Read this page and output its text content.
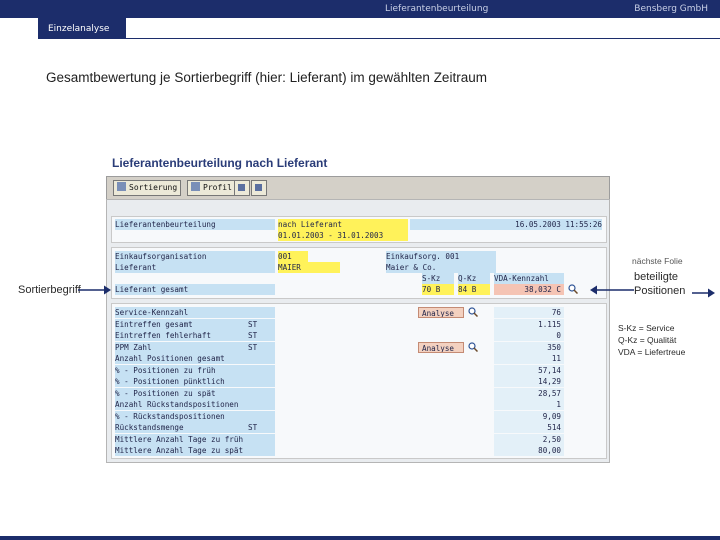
Lieferantenbeurteilung	Bensberg GmbH
Einzelanalyse
Gesamtbewertung je Sortierbegriff (hier: Lieferant) im gewählten Zeitraum
Lieferantenbeurteilung nach Lieferant
Sortierung	Profil
Lieferantenbeurteilung	nach Lieferant	16.05.2003 11:55:26
01.01.2003 - 31.01.2003
Einkaufsorganisation	001	Einkaufsorg. 001
Lieferant	MAIER	Maier & Co.
S-Kz	Q-Kz	VDA-Kennzahl
Lieferant gesamt	70 B	84 B	38,032 C
Service-Kennzahl	Analyse	76
Eintreffen gesamt	ST	1.115
Eintreffen fehlerhaft	ST	0
PPM Zahl	ST	Analyse	350
Anzahl Positionen gesamt	11
% - Positionen zu früh	57,14
% - Positionen pünktlich	14,29
% - Positionen zu spät	28,57
Anzahl Rückstandspositionen	1
% - Rückstandspositionen	9,09
Rückstandsmenge	ST	514
Mittlere Anzahl Tage zu früh	2,50
Mittlere Anzahl Tage zu spät	80,00
Sortierbegriff
nächste Folie
beteiligte
Positionen
S-Kz = Service
Q-Kz = Qualität
VDA = Liefertreue
